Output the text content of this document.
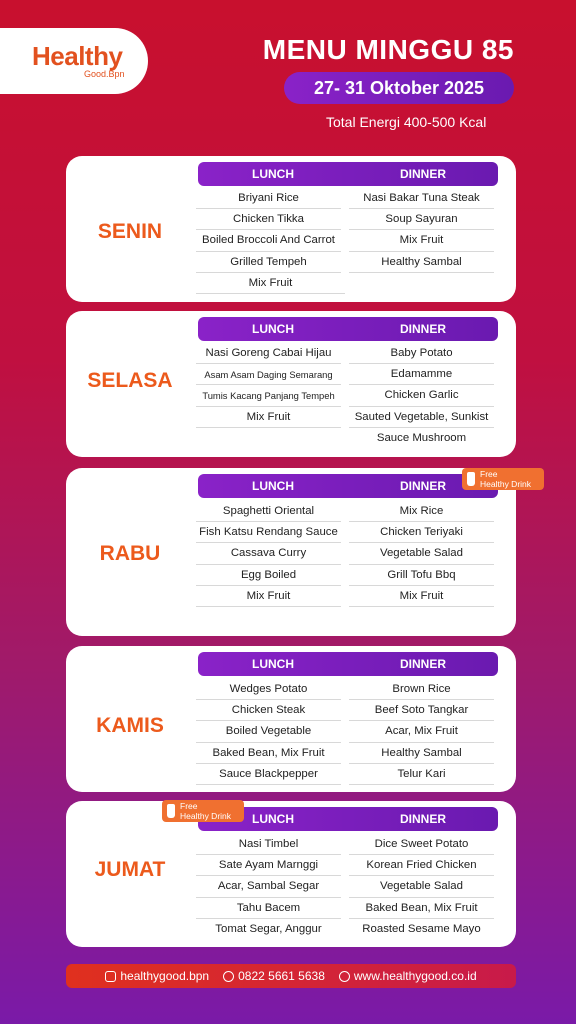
Healthy
Good.Bpn
MENU MINGGU 85
27- 31 Oktober 2025
Total Energi 400-500 Kcal
SENIN
LUNCH	DINNER
Briyani Rice	Nasi Bakar Tuna Steak
Chicken Tikka	Soup Sayuran
Boiled Broccoli And Carrot	Mix Fruit
Grilled Tempeh	Healthy Sambal
Mix Fruit
SELASA
LUNCH	DINNER
Nasi Goreng Cabai Hijau	Baby Potato
Asam Asam Daging Semarang	Edamamme
Tumis Kacang Panjang Tempeh	Chicken Garlic
Mix Fruit	Sauted Vegetable, Sunkist
Sauce Mushroom
RABU
LUNCH	DINNER
Spaghetti Oriental	Mix Rice
Fish Katsu Rendang Sauce	Chicken Teriyaki
Cassava Curry	Vegetable Salad
Egg Boiled	Grill Tofu Bbq
Mix Fruit	Mix Fruit
KAMIS
LUNCH	DINNER
Wedges Potato	Brown Rice
Chicken Steak	Beef Soto Tangkar
Boiled Vegetable	Acar, Mix Fruit
Baked Bean, Mix Fruit	Healthy Sambal
Sauce Blackpepper	Telur Kari
JUMAT
LUNCH	DINNER
Nasi Timbel	Dice Sweet Potato
Sate Ayam Marnggi	Korean Fried Chicken
Acar, Sambal Segar	Vegetable Salad
Tahu Bacem	Baked Bean, Mix Fruit
Tomat Segar, Anggur	Roasted Sesame Mayo
Free
Healthy Drink
Free
Healthy Drink
healthygood.bpn 0822 5661 5638 www.healthygood.co.id
